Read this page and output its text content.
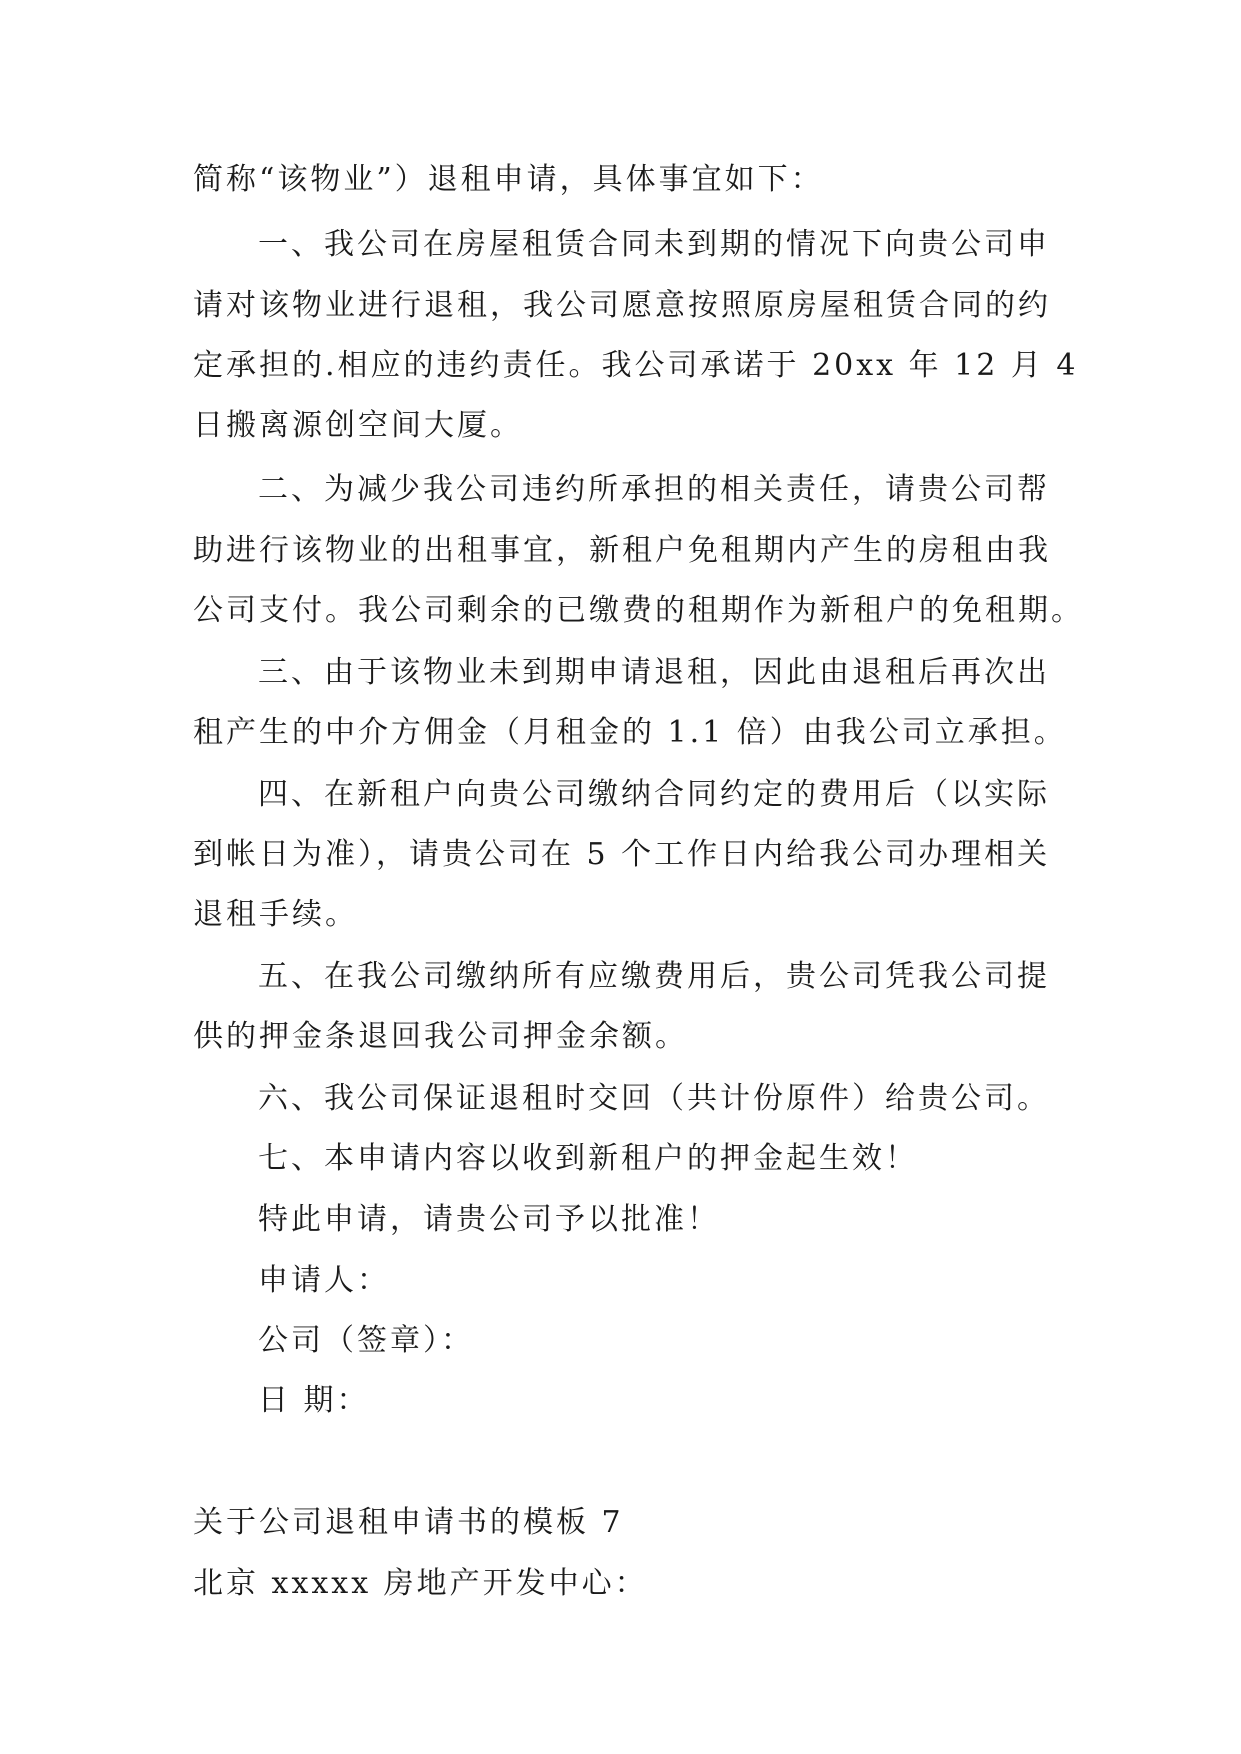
简称“该物业”）退租申请，具体事宜如下：
一、我公司在房屋租赁合同未到期的情况下向贵公司申
请对该物业进行退租，我公司愿意按照原房屋租赁合同的约
定承担的.相应的违约责任。我公司承诺于 20xx 年 12 月 4
日搬离源创空间大厦。
二、为减少我公司违约所承担的相关责任，请贵公司帮
助进行该物业的出租事宜，新租户免租期内产生的房租由我
公司支付。我公司剩余的已缴费的租期作为新租户的免租期。
三、由于该物业未到期申请退租，因此由退租后再次出
租产生的中介方佣金（月租金的 1.1 倍）由我公司立承担。
四、在新租户向贵公司缴纳合同约定的费用后（以实际
到帐日为准），请贵公司在 5 个工作日内给我公司办理相关
退租手续。
五、在我公司缴纳所有应缴费用后，贵公司凭我公司提
供的押金条退回我公司押金余额。
六、我公司保证退租时交回（共计份原件）给贵公司。
七、本申请内容以收到新租户的押金起生效！
特此申请，请贵公司予以批准！
申请人：
公司（签章）：
日 期：
关于公司退租申请书的模板 7
北京 xxxxx 房地产开发中心：
